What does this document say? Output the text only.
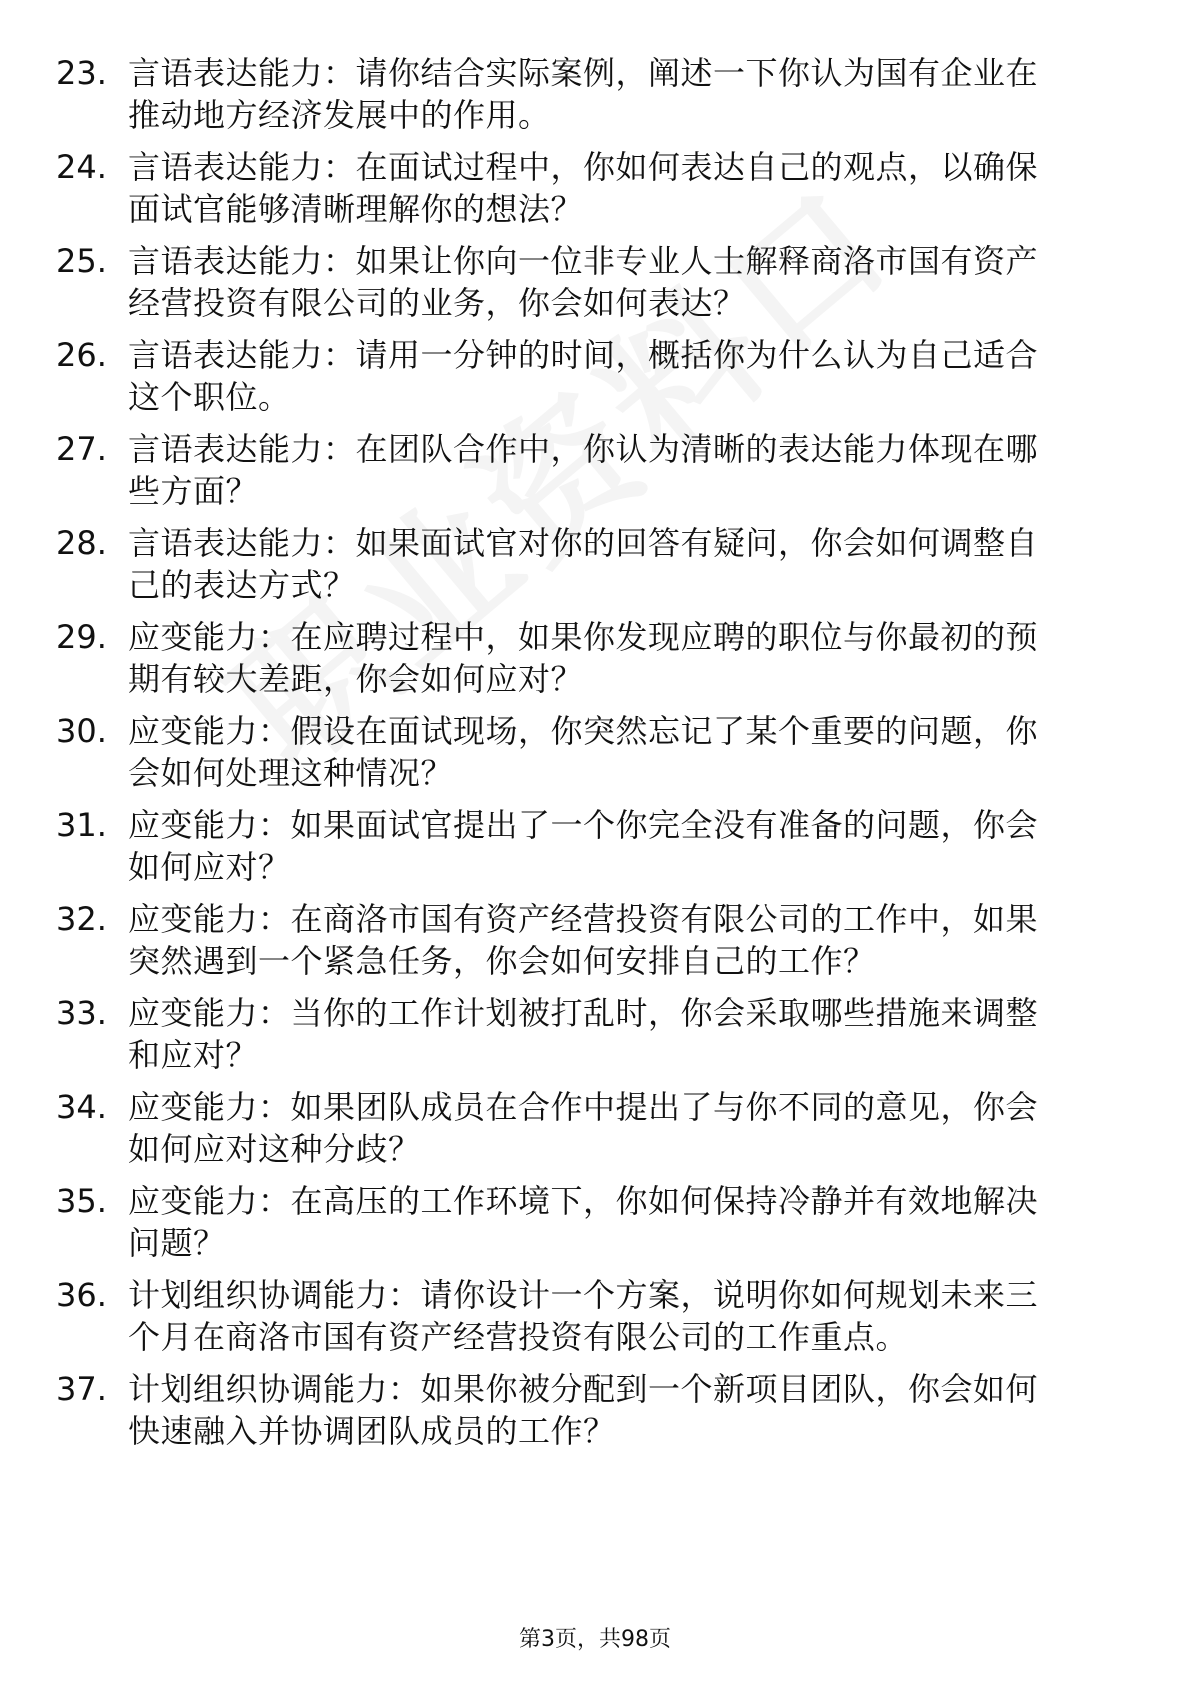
23. 言语表达能力：请你结合实际案例，阐述一下你认为国有企业在
推动地方经济发展中的作用。
24. 言语表达能力：在面试过程中，你如何表达自己的观点，以确保
面试官能够清晰理解你的想法？
25. 言语表达能力：如果让你向一位非专业人士解释商洛市国有资产
经营投资有限公司的业务，你会如何表达？
26. 言语表达能力：请用一分钟的时间，概括你为什么认为自己适合
这个职位。
27. 言语表达能力：在团队合作中，你认为清晰的表达能力体现在哪
些方面？
28. 言语表达能力：如果面试官对你的回答有疑问，你会如何调整自
己的表达方式？
29. 应变能力：在应聘过程中，如果你发现应聘的职位与你最初的预
期有较大差距，你会如何应对？
30. 应变能力：假设在面试现场，你突然忘记了某个重要的问题，你
会如何处理这种情况？
31. 应变能力：如果面试官提出了一个你完全没有准备的问题，你会
如何应对？
32. 应变能力：在商洛市国有资产经营投资有限公司的工作中，如果
突然遇到一个紧急任务，你会如何安排自己的工作？
33. 应变能力：当你的工作计划被打乱时，你会采取哪些措施来调整
和应对？
34. 应变能力：如果团队成员在合作中提出了与你不同的意见，你会
如何应对这种分歧？
35. 应变能力：在高压的工作环境下，你如何保持冷静并有效地解决
问题？
36. 计划组织协调能力：请你设计一个方案，说明你如何规划未来三
个月在商洛市国有资产经营投资有限公司的工作重点。
37. 计划组织协调能力：如果你被分配到一个新项目团队，你会如何
快速融入并协调团队成员的工作？
第3页，共98页
